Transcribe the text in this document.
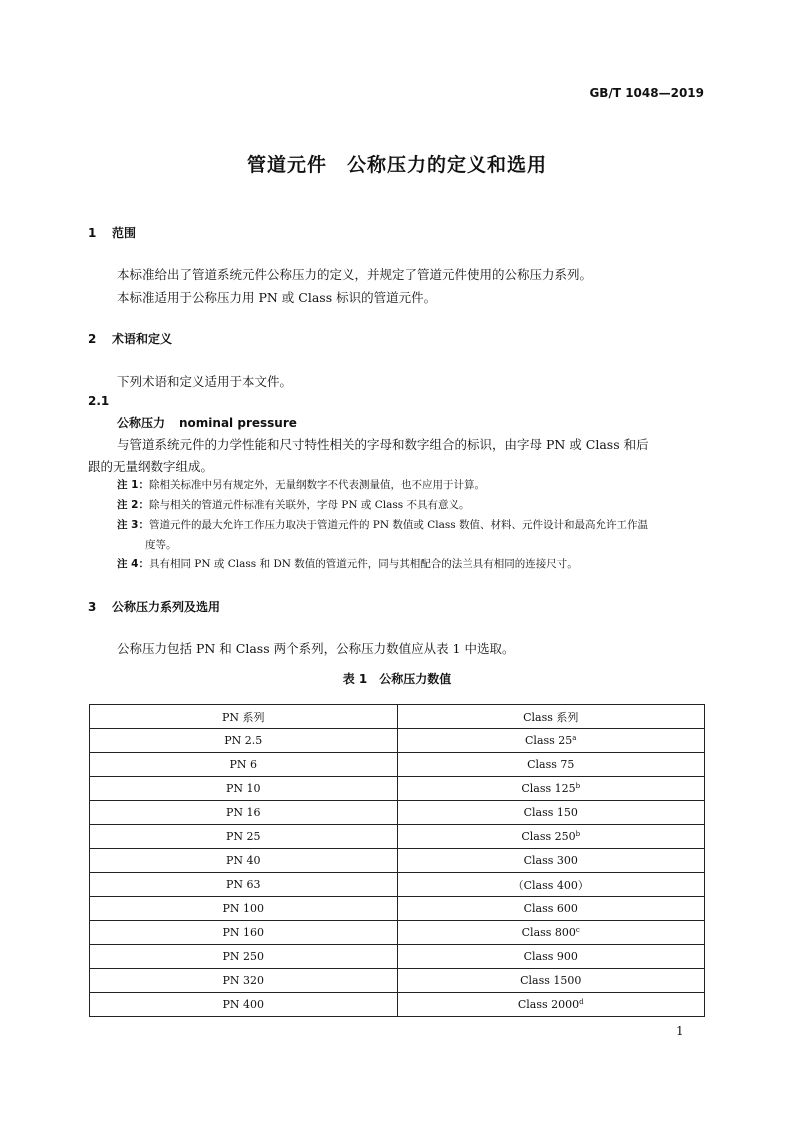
GB/T 1048—2019
管道元件 公称压力的定义和选用
1 范围
本标准给出了管道系统元件公称压力的定义，并规定了管道元件使用的公称压力系列。
本标准适用于公称压力用 PN 或 Class 标识的管道元件。
2 术语和定义
下列术语和定义适用于本文件。
2.1
公称压力 nominal pressure
与管道系统元件的力学性能和尺寸特性相关的字母和数字组合的标识，由字母 PN 或 Class 和后
跟的无量纲数字组成。
注 1：除相关标准中另有规定外，无量纲数字不代表测量值，也不应用于计算。
注 2：除与相关的管道元件标准有关联外，字母 PN 或 Class 不具有意义。
注 3：管道元件的最大允许工作压力取决于管道元件的 PN 数值或 Class 数值、材料、元件设计和最高允许工作温
度等。
注 4：具有相同 PN 或 Class 和 DN 数值的管道元件，同与其相配合的法兰具有相同的连接尺寸。
3 公称压力系列及选用
公称压力包括 PN 和 Class 两个系列，公称压力数值应从表 1 中选取。
表 1　公称压力数值
PN 系列	Class 系列
PN 2.5	Class 25$^a$
PN 6	Class 75
PN 10	Class 125$^b$
PN 16	Class 150
PN 25	Class 250$^b$
PN 40	Class 300
PN 63	（Class 400）
PN 100	Class 600
PN 160	Class 800$^c$
PN 250	Class 900
PN 320	Class 1500
PN 400	Class 2000$^d$
1
